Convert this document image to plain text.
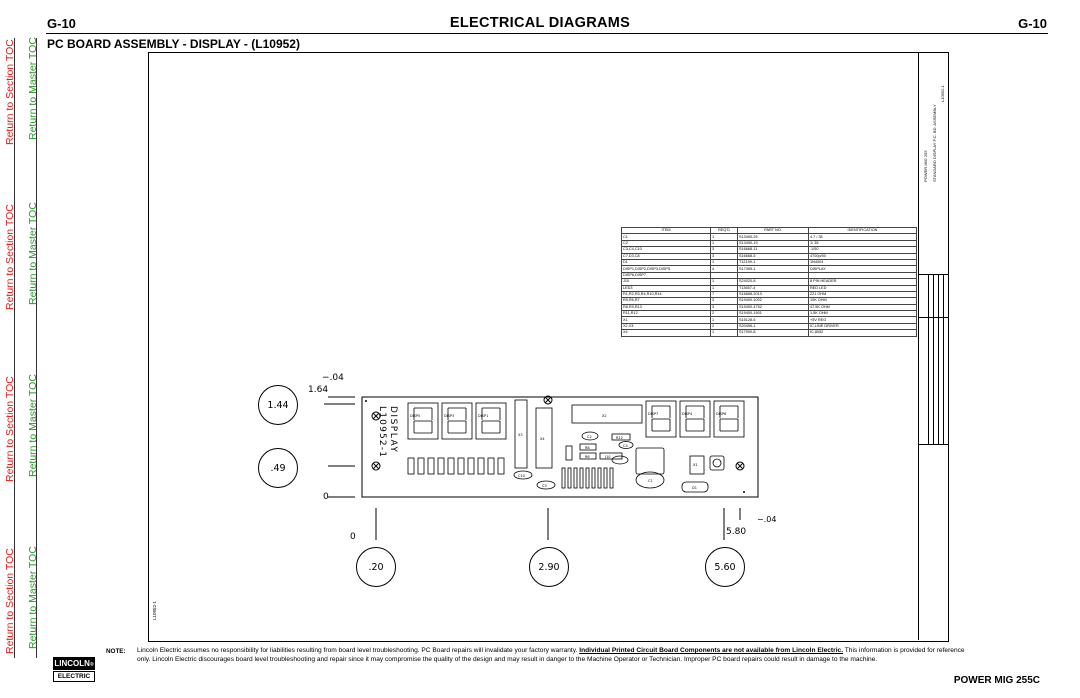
Return to Section TOC
Return to Section TOC
Return to Section TOC
Return to Section TOC
Return to Master TOC
Return to Master TOC
Return to Master TOC
Return to Master TOC
G-10	ELECTRICAL DIAGRAMS	G-10
PC BOARD ASSEMBLY - DISPLAY - (L10952)
L10952-1
POWER MIG 255 STANDARD DISPLAY P.C. BD. ASSEMBLY
L10952-1
ITEM	REQ'D	PART NO.	IDENTIFICATION
C1	1	S13490-25	4.7 / 35
C2	1	S13490-19	1/ 35
C3,C4,C10	3	S16668-11	.1/50
C7,D3,C8	3	S16668-5	4700p/50
D1	1	T12199-1	1N4004
DISP1,DISP2,DISP3,DISP5	4	S17395-1	DISPLAY
DISP6,DISP7			
J10	1	S24020-8	8 PIN HEADER
LED3	1	T13657-4	RED LED
R1,R2,R3,R4,R10,R14	7	S16668-2010	221 OHM
R5,R6,R7	3	S19400-1002	10K OHM
R8,R9,R13	3	S19400-4752	47.5K OHM
R11,R12	2	S19400-1501	1.5K OHM
X1	1	S15128-5	+5V REG
X2,X3	2	S20496-1	IC,LINE DRIVER
X4	1	S17900-8	IC,8052
DISPLAY
L10952-1	DISP5	DISP3	DISP1	DISP7	DISP4	DISP6
X2
X3
X4
X1
R12
C2
C4
C10
C3
C1
R8
R6	J10
D1
−.04
1.64
1.44
.49
0
0
.20	2.90	5.60
5.80
−.04
NOTE: Lincoln Electric assumes no responsibility for liabilities resulting from board level troubleshooting. PC Board repairs will invalidate your factory warranty. Individual Printed Circuit Board Components are not available from Lincoln Electric. This information is provided for reference only. Lincoln Electric discourages board level troubleshooting and repair since it may compromise the quality of the design and may result in danger to the Machine Operator or Technician. Improper PC board repairs could result in damage to the machine.
LINCOLN®
ELECTRIC	POWER MIG 255C
